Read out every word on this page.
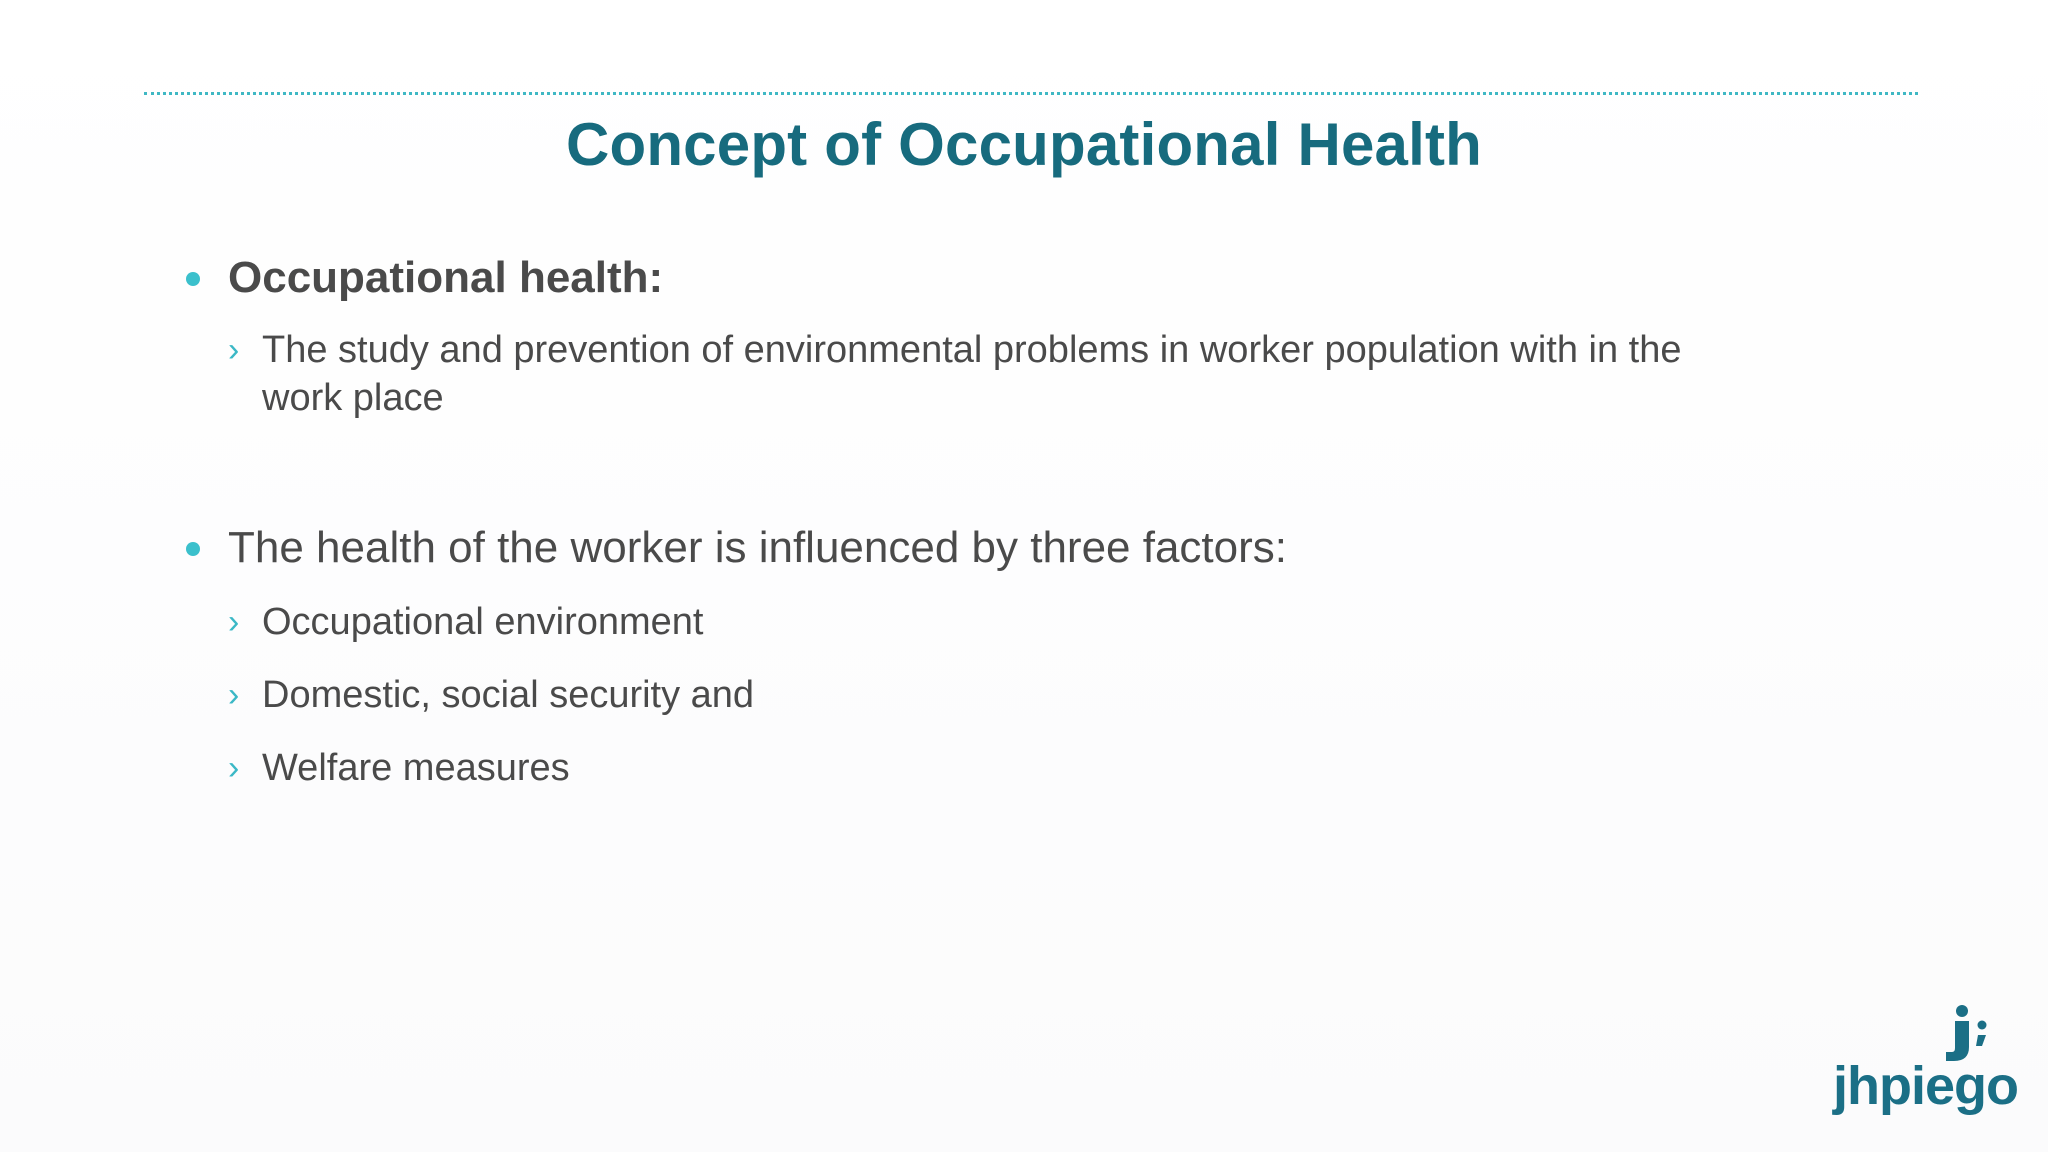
Concept of Occupational Health
Occupational health:
› The study and prevention of environmental problems in worker population with in the work place
The health of the worker is influenced by three factors:
› Occupational environment
› Domestic, social security and
› Welfare measures
jhpiego
